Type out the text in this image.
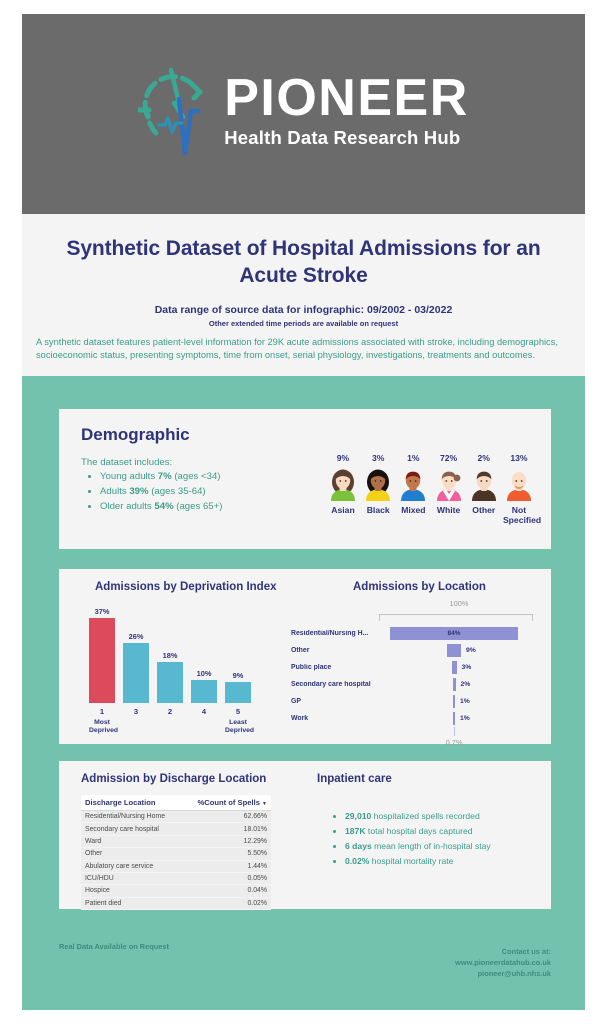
PIONEER
Health Data Research Hub
Synthetic Dataset of Hospital Admissions for an Acute Stroke

Data range of source data for infographic: 09/2002 - 03/2022

Other extended time periods are available on request

A synthetic dataset features patient-level information for 29K acute admissions associated with stroke, including demographics, socioeconomic status, presenting symptoms, time from onset, serial physiology, investigations, treatments and outcomes.

Demographic

The dataset includes:

• Young adults 7% (ages <34)
• Adults 39% (ages 35-64)
• Older adults 54% (ages 65+)
9%
Asian
3%
Black
1%
Mixed
72%
White
2%
Other
13%
Not Specified
Admissions by Deprivation Index	Admissions by Location
37%
26%
18%
10%	9%
1	3	2	4	5
Most Deprived
Least Deprived
100%
Residential/Nursing H...	84%
Other	9%
Public place	3%
Secondary care hospital	2%
GP	1%
Work	1%
0.7%
Admission by Discharge Location
Discharge Location	%Count of Spells ▼
Residential/Nursing Home	62.66%
Secondary care hospital	18.01%
Ward	12.29%
Other	5.50%
Abulatory care service	1.44%
ICU/HDU	0.05%
Hospice	0.04%
Patient died	0.02%
Inpatient care
• 29,010 hospitalized spells recorded
• 187K total hospital days captured
• 6 days mean length of in-hospital stay
• 0.02% hospital mortality rate
Real Data Available on Request
Contact us at:
www.pioneerdatahub.co.uk
pioneer@uhb.nhs.uk
